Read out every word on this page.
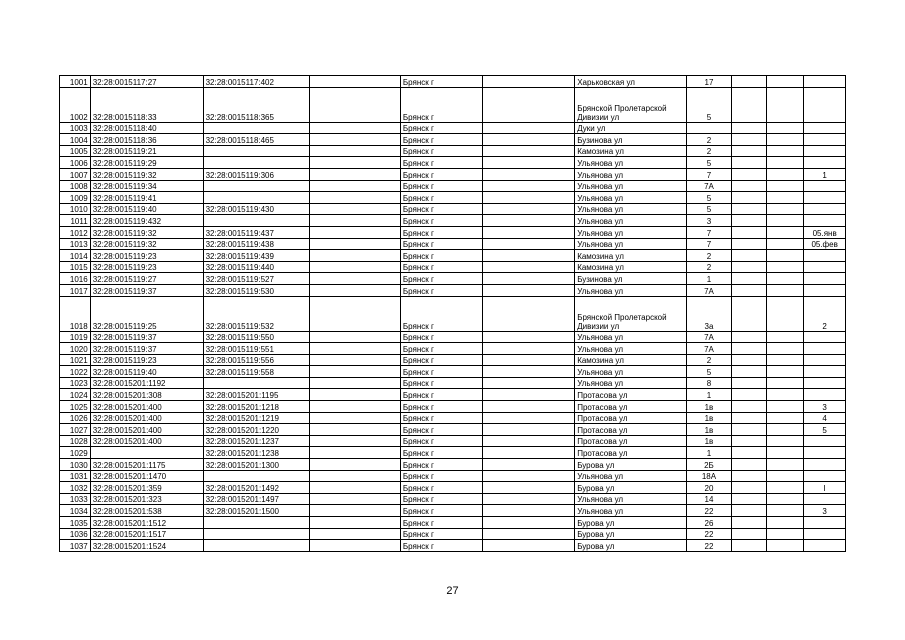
1001	32:28:0015117:27	32:28:0015117:402		Брянск г		Харьковская ул	17			
1002	32:28:0015118:33	32:28:0015118:365		Брянск г		Брянской Пролетарской Дивизии ул	5			
1003	32:28:0015118:40			Брянск г		Дуки ул				
1004	32:28:0015118:36	32:28:0015118:465		Брянск г		Бузинова ул	2			
1005	32:28:0015119:21			Брянск г		Камозина ул	2			
1006	32:28:0015119:29			Брянск г		Ульянова ул	5			
1007	32:28:0015119:32	32:28:0015119:306		Брянск г		Ульянова ул	7			1
1008	32:28:0015119:34			Брянск г		Ульянова ул	7А			
1009	32:28:0015119:41			Брянск г		Ульянова ул	5			
1010	32:28:0015119:40	32:28:0015119:430		Брянск г		Ульянова ул	5			
1011	32:28:0015119:432			Брянск г		Ульянова ул	3			
1012	32:28:0015119:32	32:28:0015119:437		Брянск г		Ульянова ул	7			05.янв
1013	32:28:0015119:32	32:28:0015119:438		Брянск г		Ульянова ул	7			05.фев
1014	32:28:0015119:23	32:28:0015119:439		Брянск г		Камозина ул	2			
1015	32:28:0015119:23	32:28:0015119:440		Брянск г		Камозина ул	2			
1016	32:28:0015119:27	32:28:0015119:527		Брянск г		Бузинова ул	1			
1017	32:28:0015119:37	32:28:0015119:530		Брянск г		Ульянова ул	7А			
1018	32:28:0015119:25	32:28:0015119:532		Брянск г		Брянской Пролетарской Дивизии ул	3а			2
1019	32:28:0015119:37	32:28:0015119:550		Брянск г		Ульянова ул	7А			
1020	32:28:0015119:37	32:28:0015119:551		Брянск г		Ульянова ул	7А			
1021	32:28:0015119:23	32:28:0015119:556		Брянск г		Камозина ул	2			
1022	32:28:0015119:40	32:28:0015119:558		Брянск г		Ульянова ул	5			
1023	32:28:0015201:1192			Брянск г		Ульянова ул	8			
1024	32:28:0015201:308	32:28:0015201:1195		Брянск г		Протасова ул	1			
1025	32:28:0015201:400	32:28:0015201:1218		Брянск г		Протасова ул	1в			3
1026	32:28:0015201:400	32:28:0015201:1219		Брянск г		Протасова ул	1в			4
1027	32:28:0015201:400	32:28:0015201:1220		Брянск г		Протасова ул	1в			5
1028	32:28:0015201:400	32:28:0015201:1237		Брянск г		Протасова ул	1в			
1029		32:28:0015201:1238		Брянск г		Протасова ул	1			
1030	32:28:0015201:1175	32:28:0015201:1300		Брянск г		Бурова ул	2Б			
1031	32:28:0015201:1470			Брянск г		Ульянова ул	18А			
1032	32:28:0015201:359	32:28:0015201:1492		Брянск г		Бурова ул	20			I
1033	32:28:0015201:323	32:28:0015201:1497		Брянск г		Ульянова ул	14			
1034	32:28:0015201:538	32:28:0015201:1500		Брянск г		Ульянова ул	22			3
1035	32:28:0015201:1512			Брянск г		Бурова ул	26			
1036	32:28:0015201:1517			Брянск г		Бурова ул	22			
1037	32:28:0015201:1524			Брянск г		Бурова ул	22			
27
